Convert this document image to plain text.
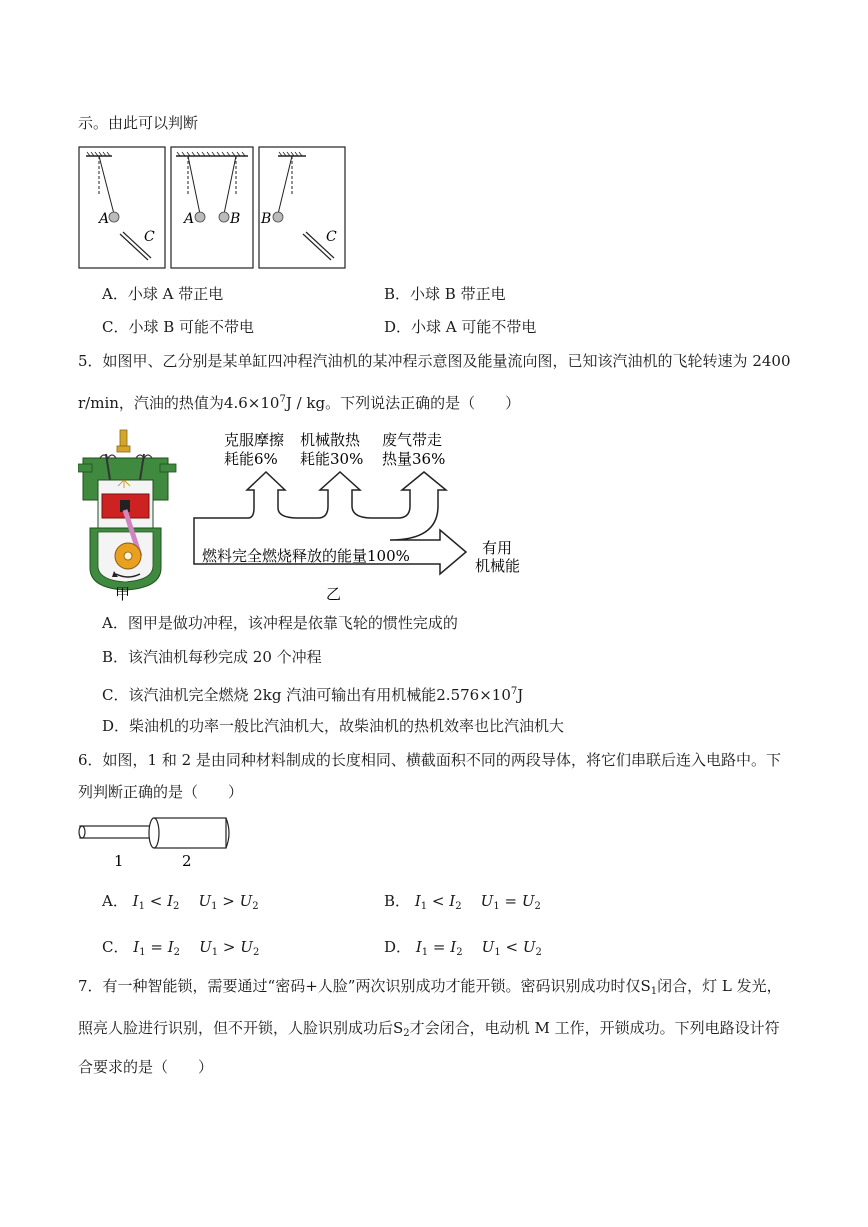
示。由此可以判断
A
C
A	B B
C
A．小球 A 带正电	B．小球 B 带正电
C．小球 B 可能不带电	D．小球 A 可能不带电
5．如图甲、乙分别是某单缸四冲程汽油机的某冲程示意图及能量流向图，已知该汽油机的飞轮转速为 2400
r/min，汽油的热值为$4.6\times 10^7J$ / kg。下列说法正确的是（　　）
甲
克服摩擦
耗能6%
机械散热
耗能30%
废气带走
热量36%
燃料完全燃烧释放的能量100%	有用
机械能
乙
A．图甲是做功冲程，该冲程是依靠飞轮的惯性完成的
B．该汽油机每秒完成 20 个冲程
C．该汽油机完全燃烧 2kg 汽油可输出有用机械能$2.576\times 10^7J$
D．柴油机的功率一般比汽油机大，故柴油机的热机效率也比汽油机大
6．如图，1 和 2 是由同种材料制成的长度相同、横截面积不同的两段导体，将它们串联后连入电路中。下
列判断正确的是（　　）
1	2
A． $I_1 < I_2$ $U_1 > U_2$	B． $I_1 < I_2$ $U_1 = U_2$
C． $I_1 = I_2$ $U_1 > U_2$	D． $I_1 = I_2$ $U_1 < U_2$
7．有一种智能锁，需要通过“密码+人脸”两次识别成功才能开锁。密码识别成功时仅$S_1$闭合，灯 L 发光，
照亮人脸进行识别，但不开锁，人脸识别成功后$S_2$才会闭合，电动机 M 工作，开锁成功。下列电路设计符
合要求的是（　　）
